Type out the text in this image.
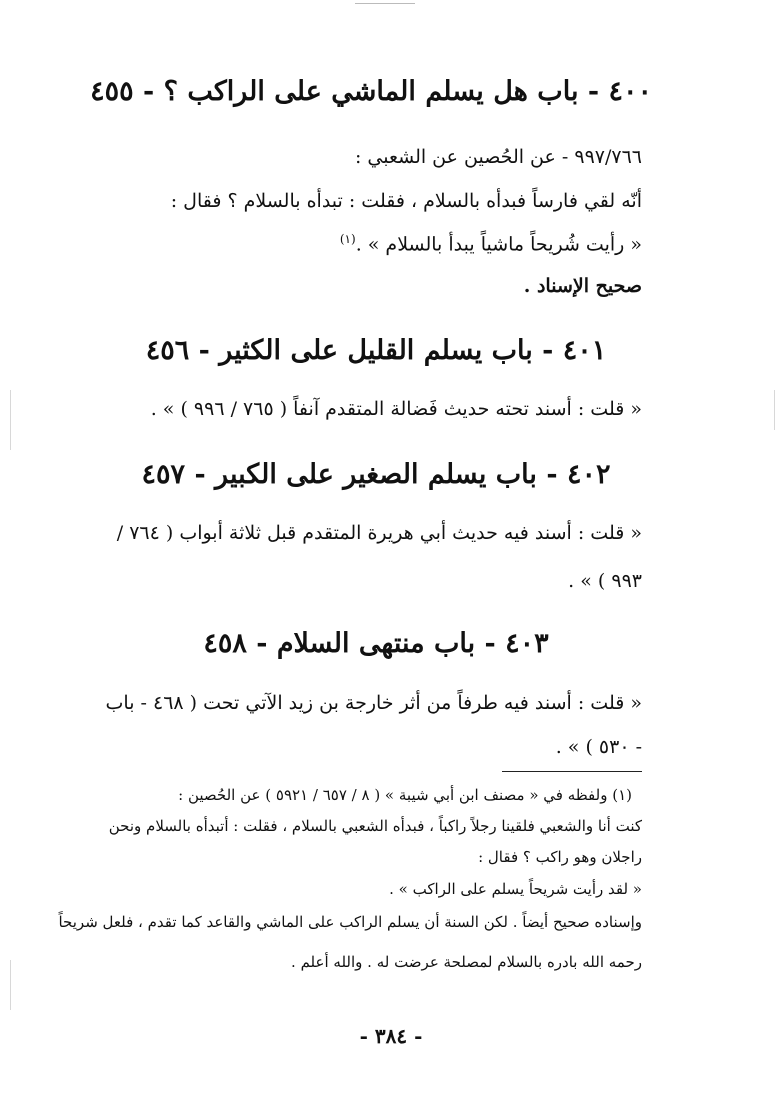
٤٠٠ - باب هل يسلم الماشي على الراكب ؟ - ٤٥٥
٩٩٧/٧٦٦ - عن الحُصين عن الشعبي :
أنّه لقي فارساً فبدأه بالسلام ، فقلت : تبدأه بالسلام ؟ فقال :
« رأيت شُريحاً ماشياً يبدأ بالسلام » .$^{(١)}$
صحيح الإسناد .
٤٠١ - باب يسلم القليل على الكثير - ٤٥٦
« قلت : أسند تحته حديث فَضالة المتقدم آنفاً ( ٧٦٥ / ٩٩٦ ) » .
٤٠٢ - باب يسلم الصغير على الكبير - ٤٥٧
« قلت : أسند فيه حديث أبي هريرة المتقدم قبل ثلاثة أبواب ( ٧٦٤ /
٩٩٣ ) » .
٤٠٣ - باب منتهى السلام - ٤٥٨
« قلت : أسند فيه طرفاً من أثر خارجة بن زيد الآتي تحت ( ٤٦٨ - باب
- ٥٣٠ ) » .
(١) ولفظه في « مصنف ابن أبي شيبة » ( ٨ / ٦٥٧ / ٥٩٢١ ) عن الحُصين :
كنت أنا والشعبي فلقينا رجلاً راكباً ، فبدأه الشعبي بالسلام ، فقلت : أتبدأه بالسلام ونحن
راجلان وهو راكب ؟ فقال :
« لقد رأيت شريحاً يسلم على الراكب » .
وإسناده صحيح أيضاً . لكن السنة أن يسلم الراكب على الماشي والقاعد كما تقدم ، فلعل شريحاً
رحمه الله بادره بالسلام لمصلحة عرضت له . والله أعلم .
- ٣٨٤ -
